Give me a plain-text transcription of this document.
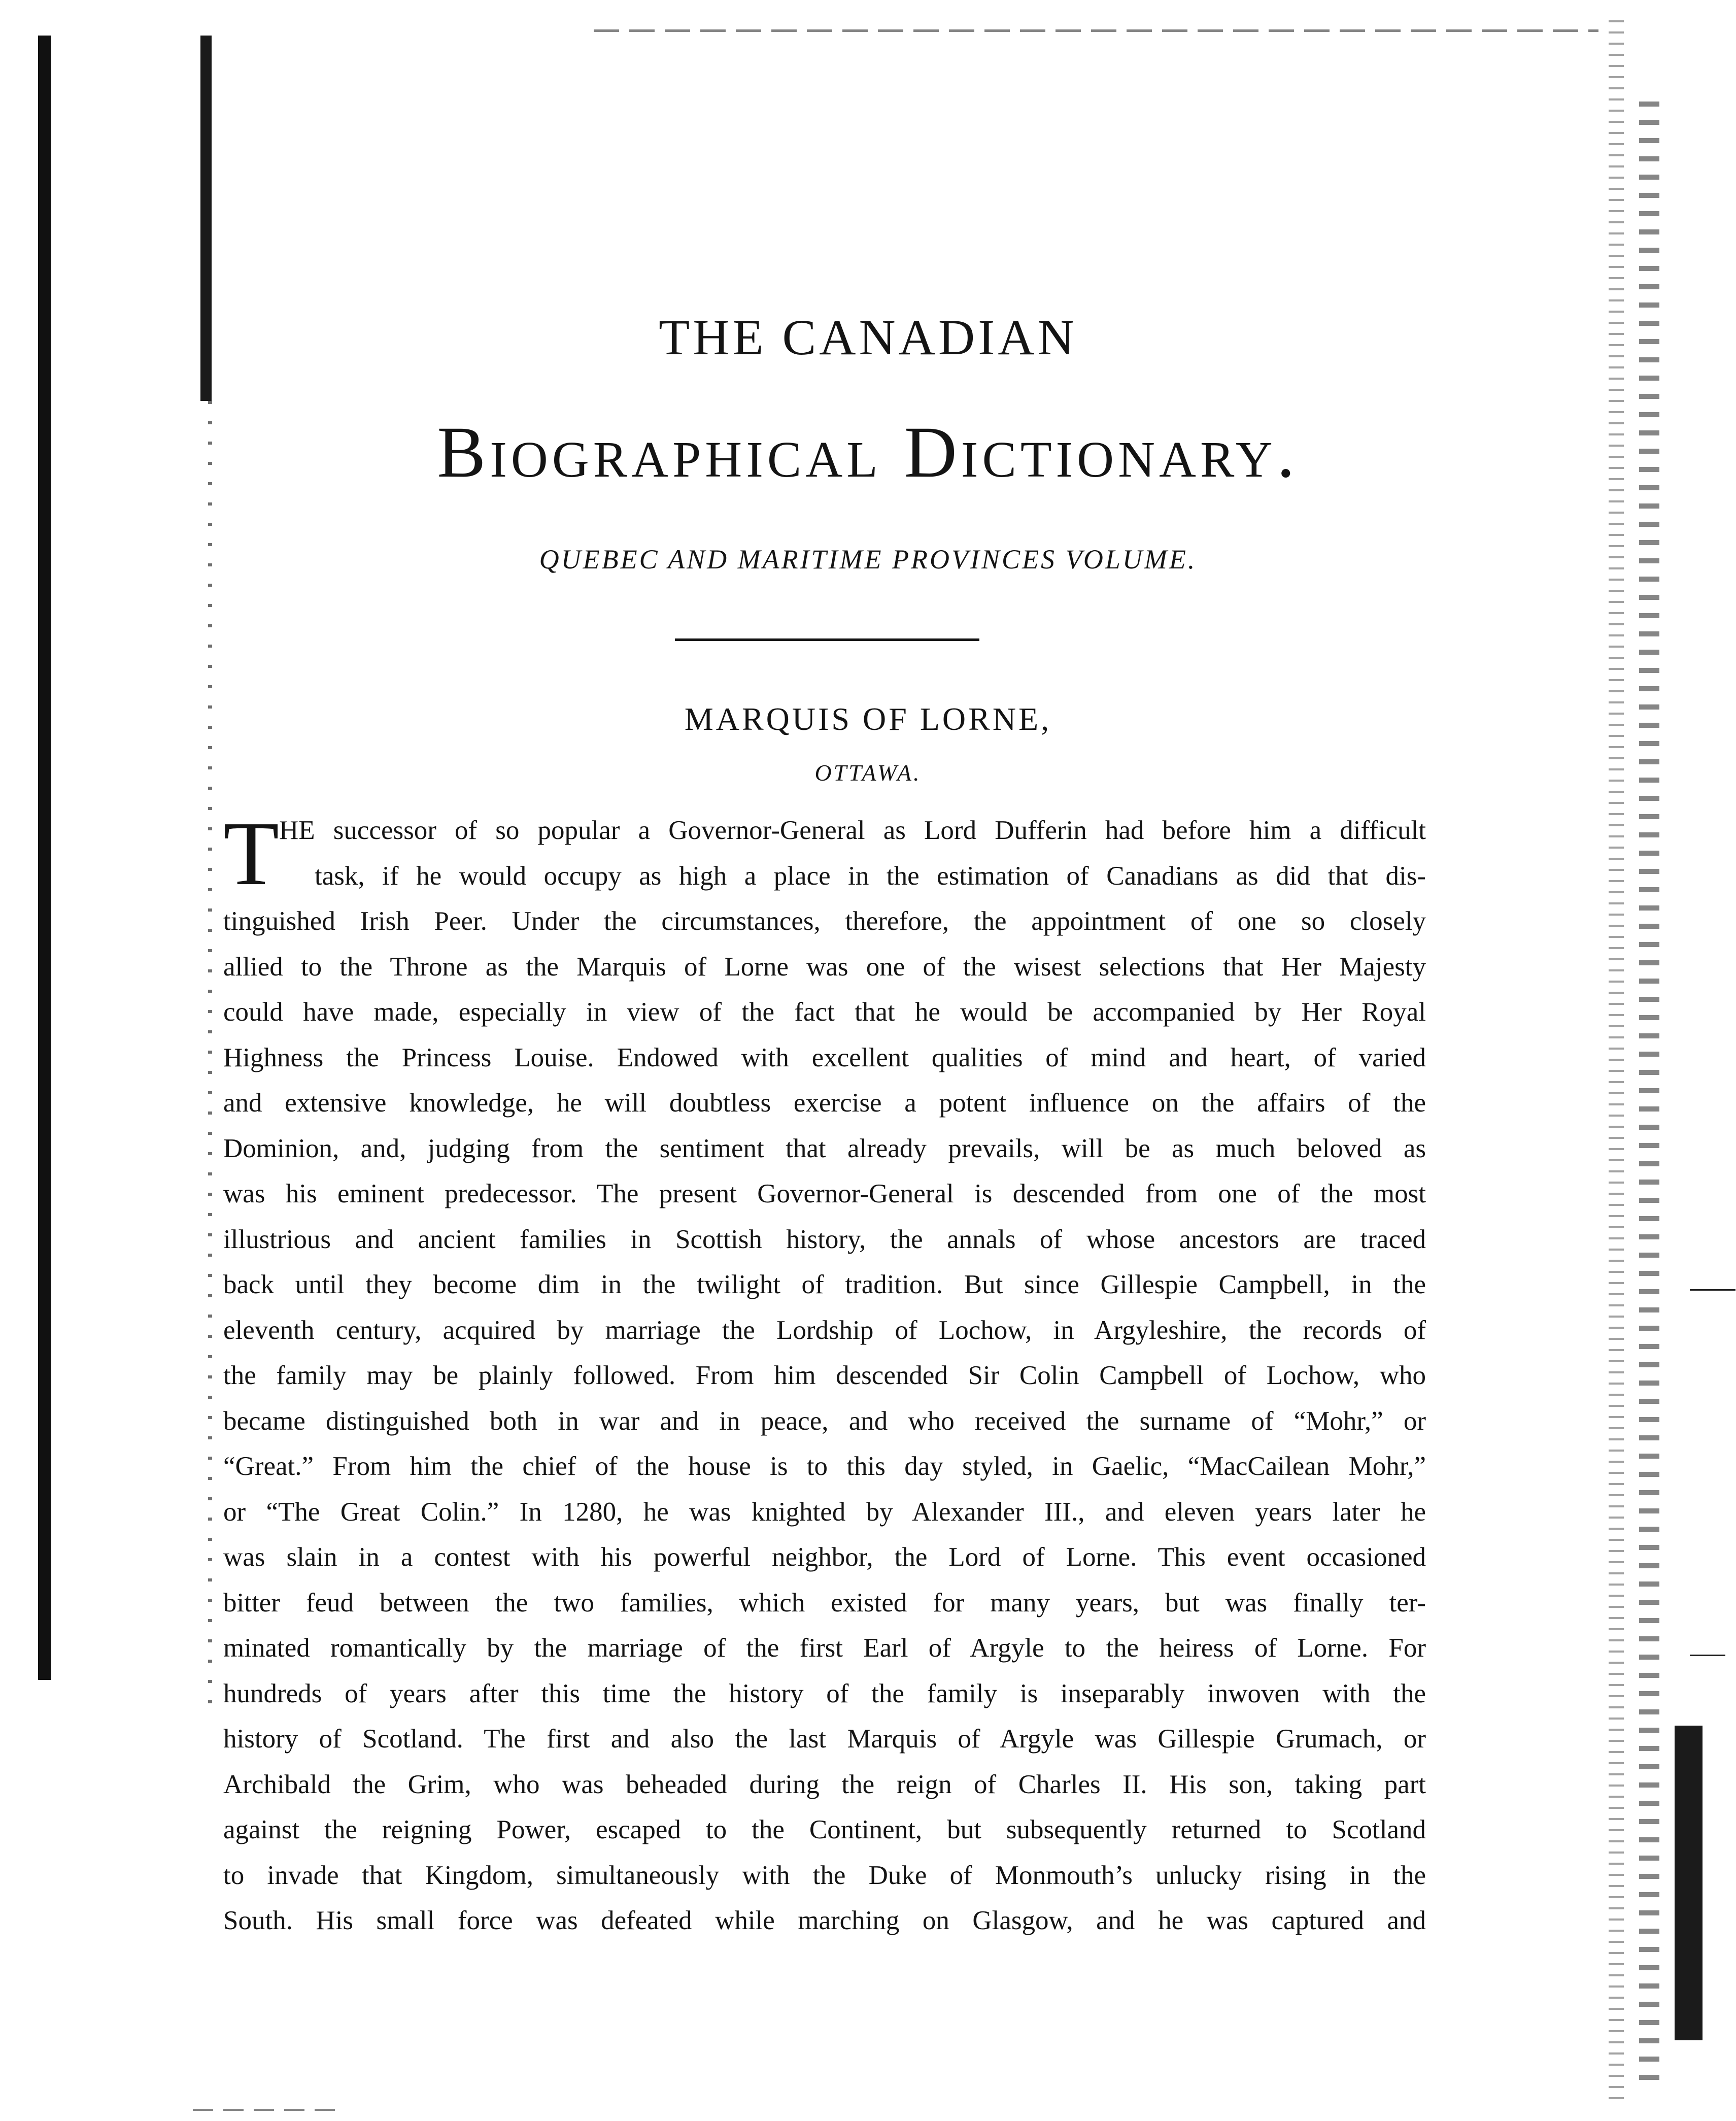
THE CANADIAN
Biographical Dictionary.
QUEBEC AND MARITIME PROVINCES VOLUME.
MARQUIS OF LORNE,
OTTAWA.
T HE successor of so popular a Governor-General as Lord Dufferin had before him a difficult
task, if he would occupy as high a place in the estimation of Canadians as did that dis-
tinguished Irish Peer. Under the circumstances, therefore, the appointment of one so closely
allied to the Throne as the Marquis of Lorne was one of the wisest selections that Her Majesty
could have made, especially in view of the fact that he would be accompanied by Her Royal
Highness the Princess Louise. Endowed with excellent qualities of mind and heart, of varied
and extensive knowledge, he will doubtless exercise a potent influence on the affairs of the
Dominion, and, judging from the sentiment that already prevails, will be as much beloved as
was his eminent predecessor. The present Governor-General is descended from one of the most
illustrious and ancient families in Scottish history, the annals of whose ancestors are traced
back until they become dim in the twilight of tradition. But since Gillespie Campbell, in the
eleventh century, acquired by marriage the Lordship of Lochow, in Argyleshire, the records of
the family may be plainly followed. From him descended Sir Colin Campbell of Lochow, who
became distinguished both in war and in peace, and who received the surname of “Mohr,” or
“Great.” From him the chief of the house is to this day styled, in Gaelic, “MacCailean Mohr,”
or “The Great Colin.” In 1280, he was knighted by Alexander III., and eleven years later he
was slain in a contest with his powerful neighbor, the Lord of Lorne. This event occasioned
bitter feud between the two families, which existed for many years, but was finally ter-
minated romantically by the marriage of the first Earl of Argyle to the heiress of Lorne. For
hundreds of years after this time the history of the family is inseparably inwoven with the
history of Scotland. The first and also the last Marquis of Argyle was Gillespie Grumach, or
Archibald the Grim, who was beheaded during the reign of Charles II. His son, taking part
against the reigning Power, escaped to the Continent, but subsequently returned to Scotland
to invade that Kingdom, simultaneously with the Duke of Monmouth’s unlucky rising in the
South. His small force was defeated while marching on Glasgow, and he was captured and
